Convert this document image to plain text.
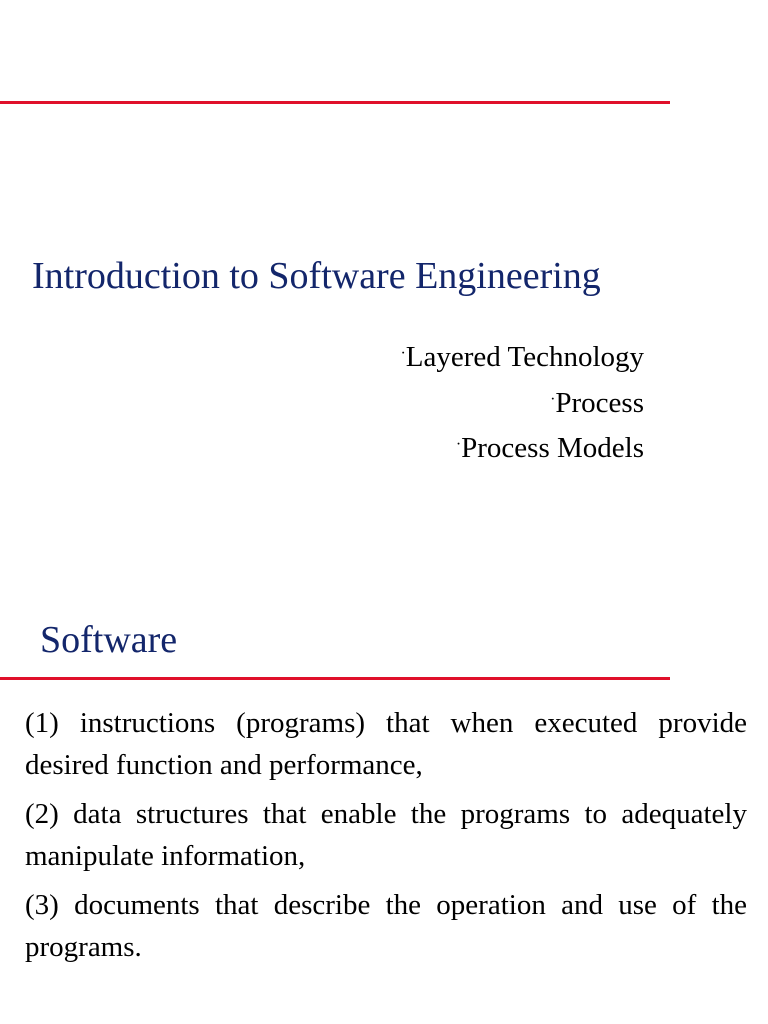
Introduction to Software Engineering
·Layered Technology
·Process
·Process Models
Software

(1) instructions (programs) that when executed provide desired function and performance,

(2) data structures that enable the programs to adequately manipulate information,

(3) documents that describe the operation and use of the programs.
